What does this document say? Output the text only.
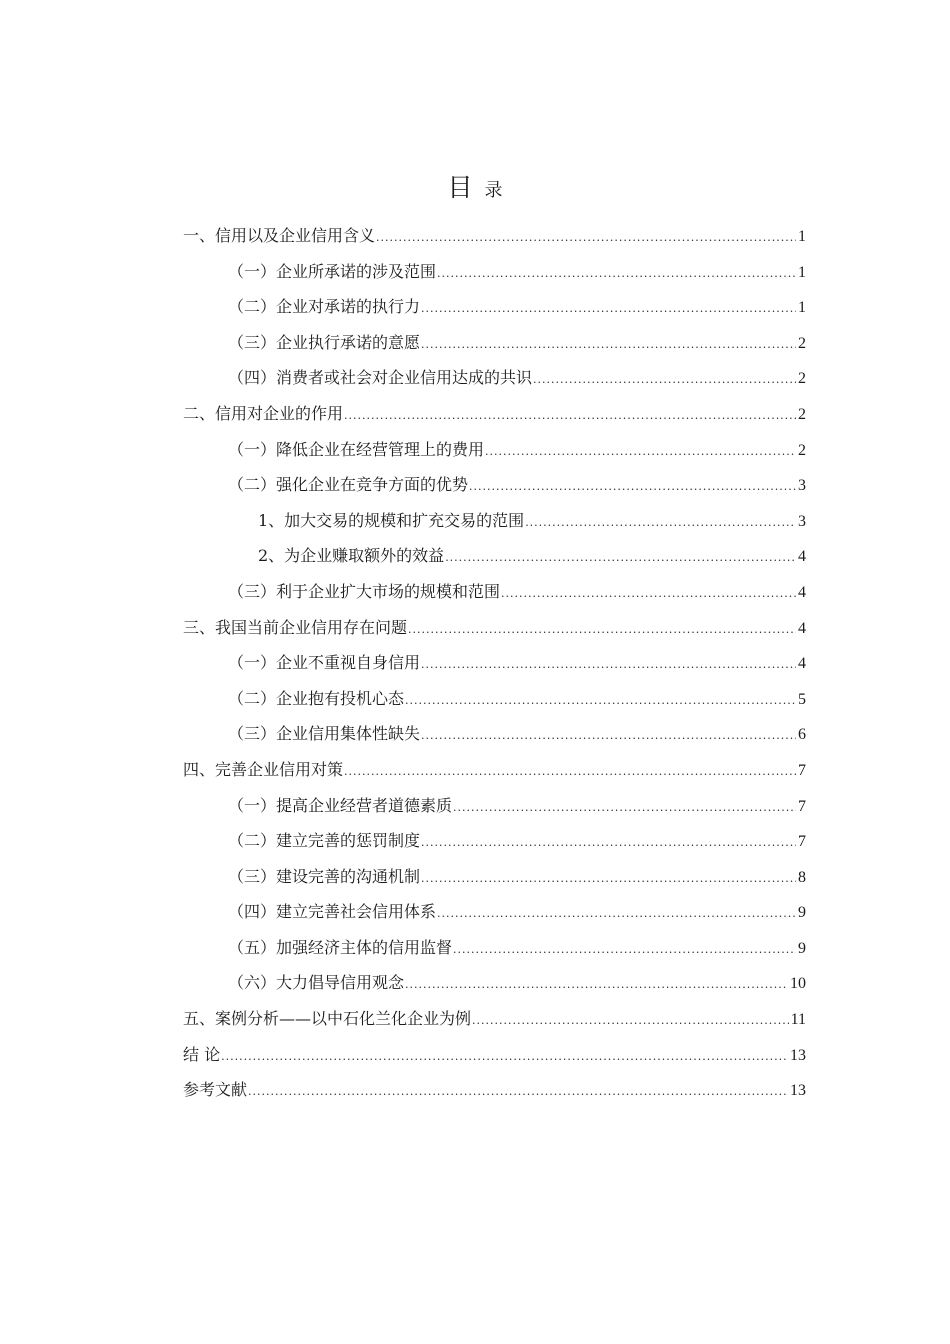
目 录
一、信用以及企业信用含义 .....	1
（一）企业所承诺的涉及范围 .....	1
（二）企业对承诺的执行力 .....	1
（三）企业执行承诺的意愿 .....	2
（四）消费者或社会对企业信用达成的共识 .....	2
二、信用对企业的作用 .....	2
（一）降低企业在经营管理上的费用 .....	2
（二）强化企业在竞争方面的优势 .....	3
1、加大交易的规模和扩充交易的范围 .....	3
2、为企业赚取额外的效益 .....	4
（三）利于企业扩大市场的规模和范围 .....	4
三、我国当前企业信用存在问题 .....	4
（一）企业不重视自身信用 .....	4
（二）企业抱有投机心态 .....	5
（三）企业信用集体性缺失 .....	6
四、完善企业信用对策 .....	7
（一）提高企业经营者道德素质 .....	7
（二）建立完善的惩罚制度 .....	7
（三）建设完善的沟通机制 .....	8
（四）建立完善社会信用体系 .....	9
（五）加强经济主体的信用监督 .....	9
（六）大力倡导信用观念 .....	10
五、案例分析——以中石化兰化企业为例 .....	11
结 论 .....	13
参考文献 .....	13
